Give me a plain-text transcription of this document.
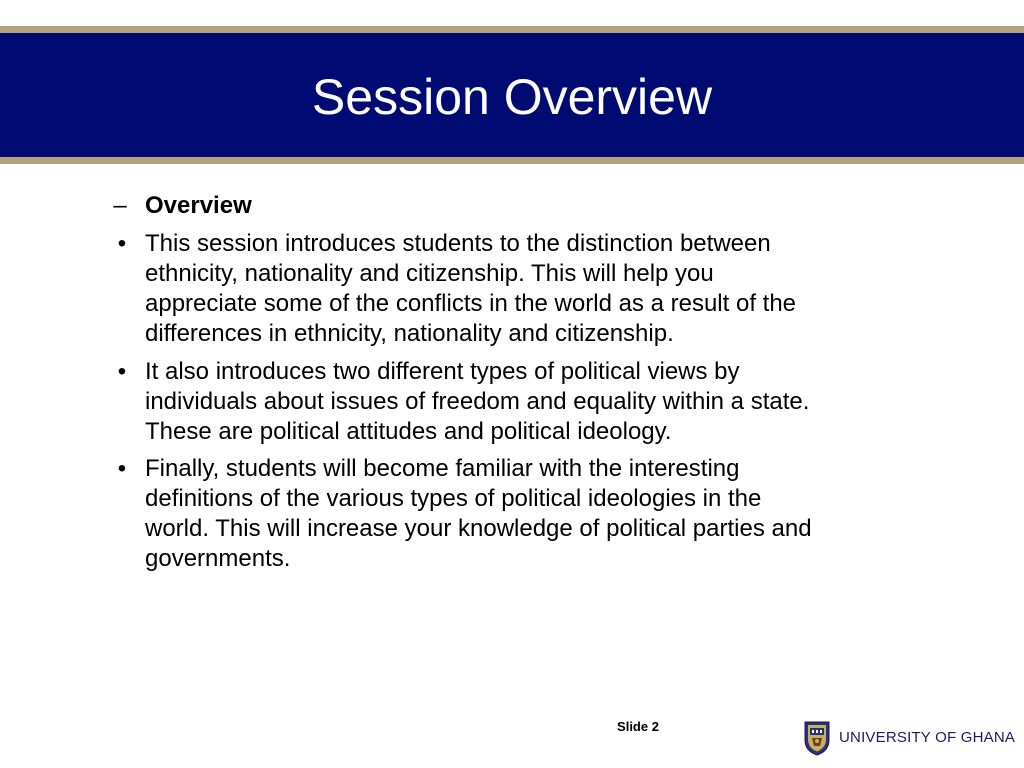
Session Overview
– Overview

• This session introduces students to the distinction between
ethnicity, nationality and citizenship. This will help you
appreciate some of the conflicts in the world as a result of the
differences in ethnicity, nationality and citizenship.
• It also introduces two different types of political views by
individuals about issues of freedom and equality within a state.
These are political attitudes and political ideology.
• Finally, students will become familiar with the interesting
definitions of the various types of political ideologies in the
world. This will increase your knowledge of political parties and
governments.
Slide 2
UNIVERSITY OF GHANA
